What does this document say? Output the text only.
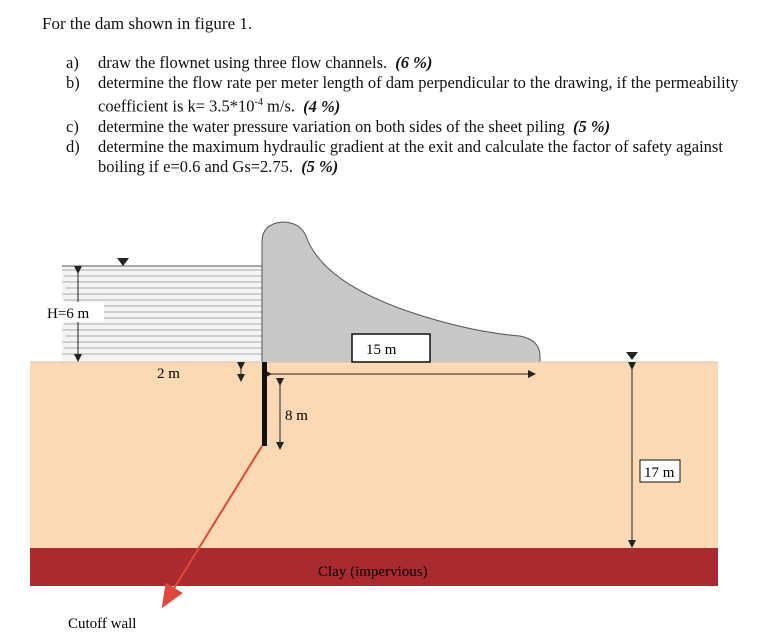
For the dam shown in figure 1.
a)	draw the flownet using three flow channels. (6 %)
b)	determine the flow rate per meter length of dam perpendicular to the drawing, if the permeability coefficient is $k= 3.5*10^{-4}$ m/s. (4 %)
c)	determine the water pressure variation on both sides of the sheet piling (5 %)
d)	determine the maximum hydraulic gradient at the exit and calculate the factor of safety against boiling if e=0.6 and Gs=2.75. (5 %)
15 m
H=6 m
2 m
8 m
17 m
Clay (impervious)
Cutoff wall
